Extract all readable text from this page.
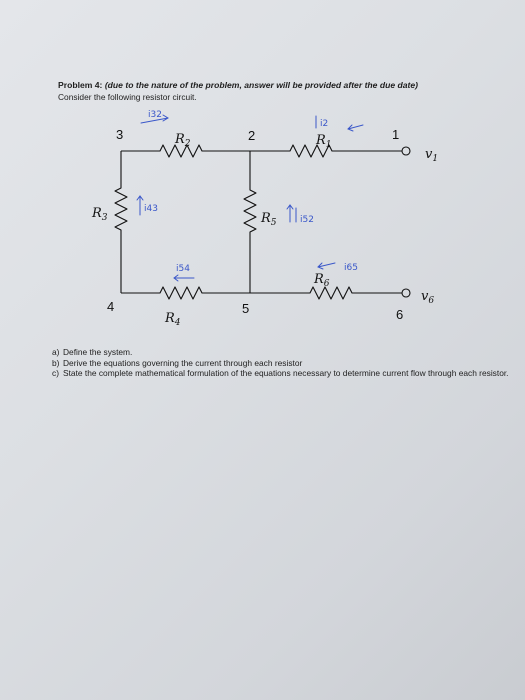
Problem 4: (due to the nature of the problem, answer will be provided after the due date)
Consider the following resistor circuit.
3	2	1
4	5	6
$R_2$	$R_1$
$R_3$	$R_5$
$R_6$
$R_4$
$v_1$
$v_6$
i32
i2
i43
i52
i54	i65
a) Define the system.
b) Derive the equations governing the current through each resistor
c) State the complete mathematical formulation of the equations necessary to determine current flow through each resistor.
